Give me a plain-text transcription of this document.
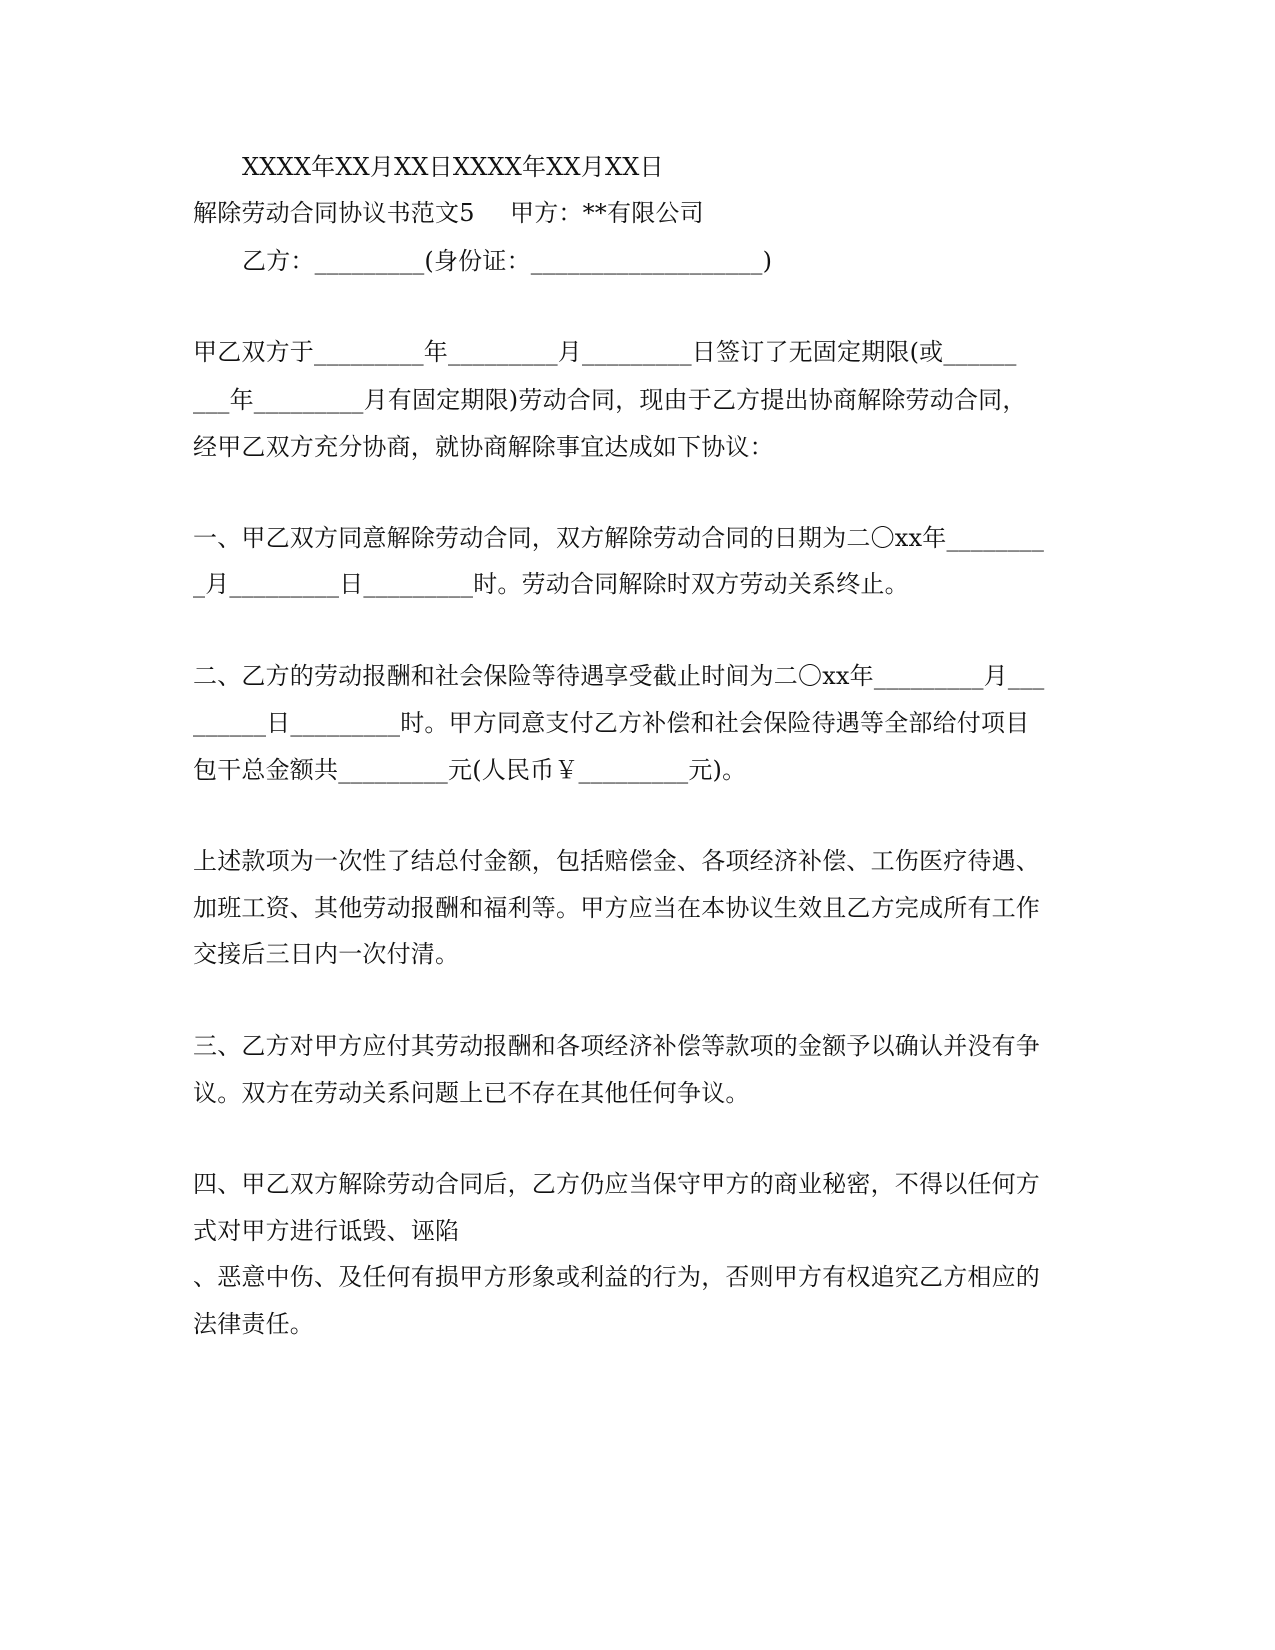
XXXX年XX月XX日XXXX年XX月XX日
解除劳动合同协议书范文5 甲方：**有限公司
乙方：_________(身份证：___________________)
甲乙双方于_________年_________月_________日签订了无固定期限(或______
___年_________月有固定期限)劳动合同，现由于乙方提出协商解除劳动合同，
经甲乙双方充分协商，就协商解除事宜达成如下协议：
一、甲乙双方同意解除劳动合同，双方解除劳动合同的日期为二〇xx年________
_月_________日_________时。劳动合同解除时双方劳动关系终止。
二、乙方的劳动报酬和社会保险等待遇享受截止时间为二〇xx年_________月___
______日_________时。甲方同意支付乙方补偿和社会保险待遇等全部给付项目
包干总金额共_________元(人民币￥_________元)。
上述款项为一次性了结总付金额，包括赔偿金、各项经济补偿、工伤医疗待遇、
加班工资、其他劳动报酬和福利等。甲方应当在本协议生效且乙方完成所有工作
交接后三日内一次付清。
三、乙方对甲方应付其劳动报酬和各项经济补偿等款项的金额予以确认并没有争
议。双方在劳动关系问题上已不存在其他任何争议。
四、甲乙双方解除劳动合同后，乙方仍应当保守甲方的商业秘密，不得以任何方
式对甲方进行诋毁、诬陷
、恶意中伤、及任何有损甲方形象或利益的行为，否则甲方有权追究乙方相应的
法律责任。
